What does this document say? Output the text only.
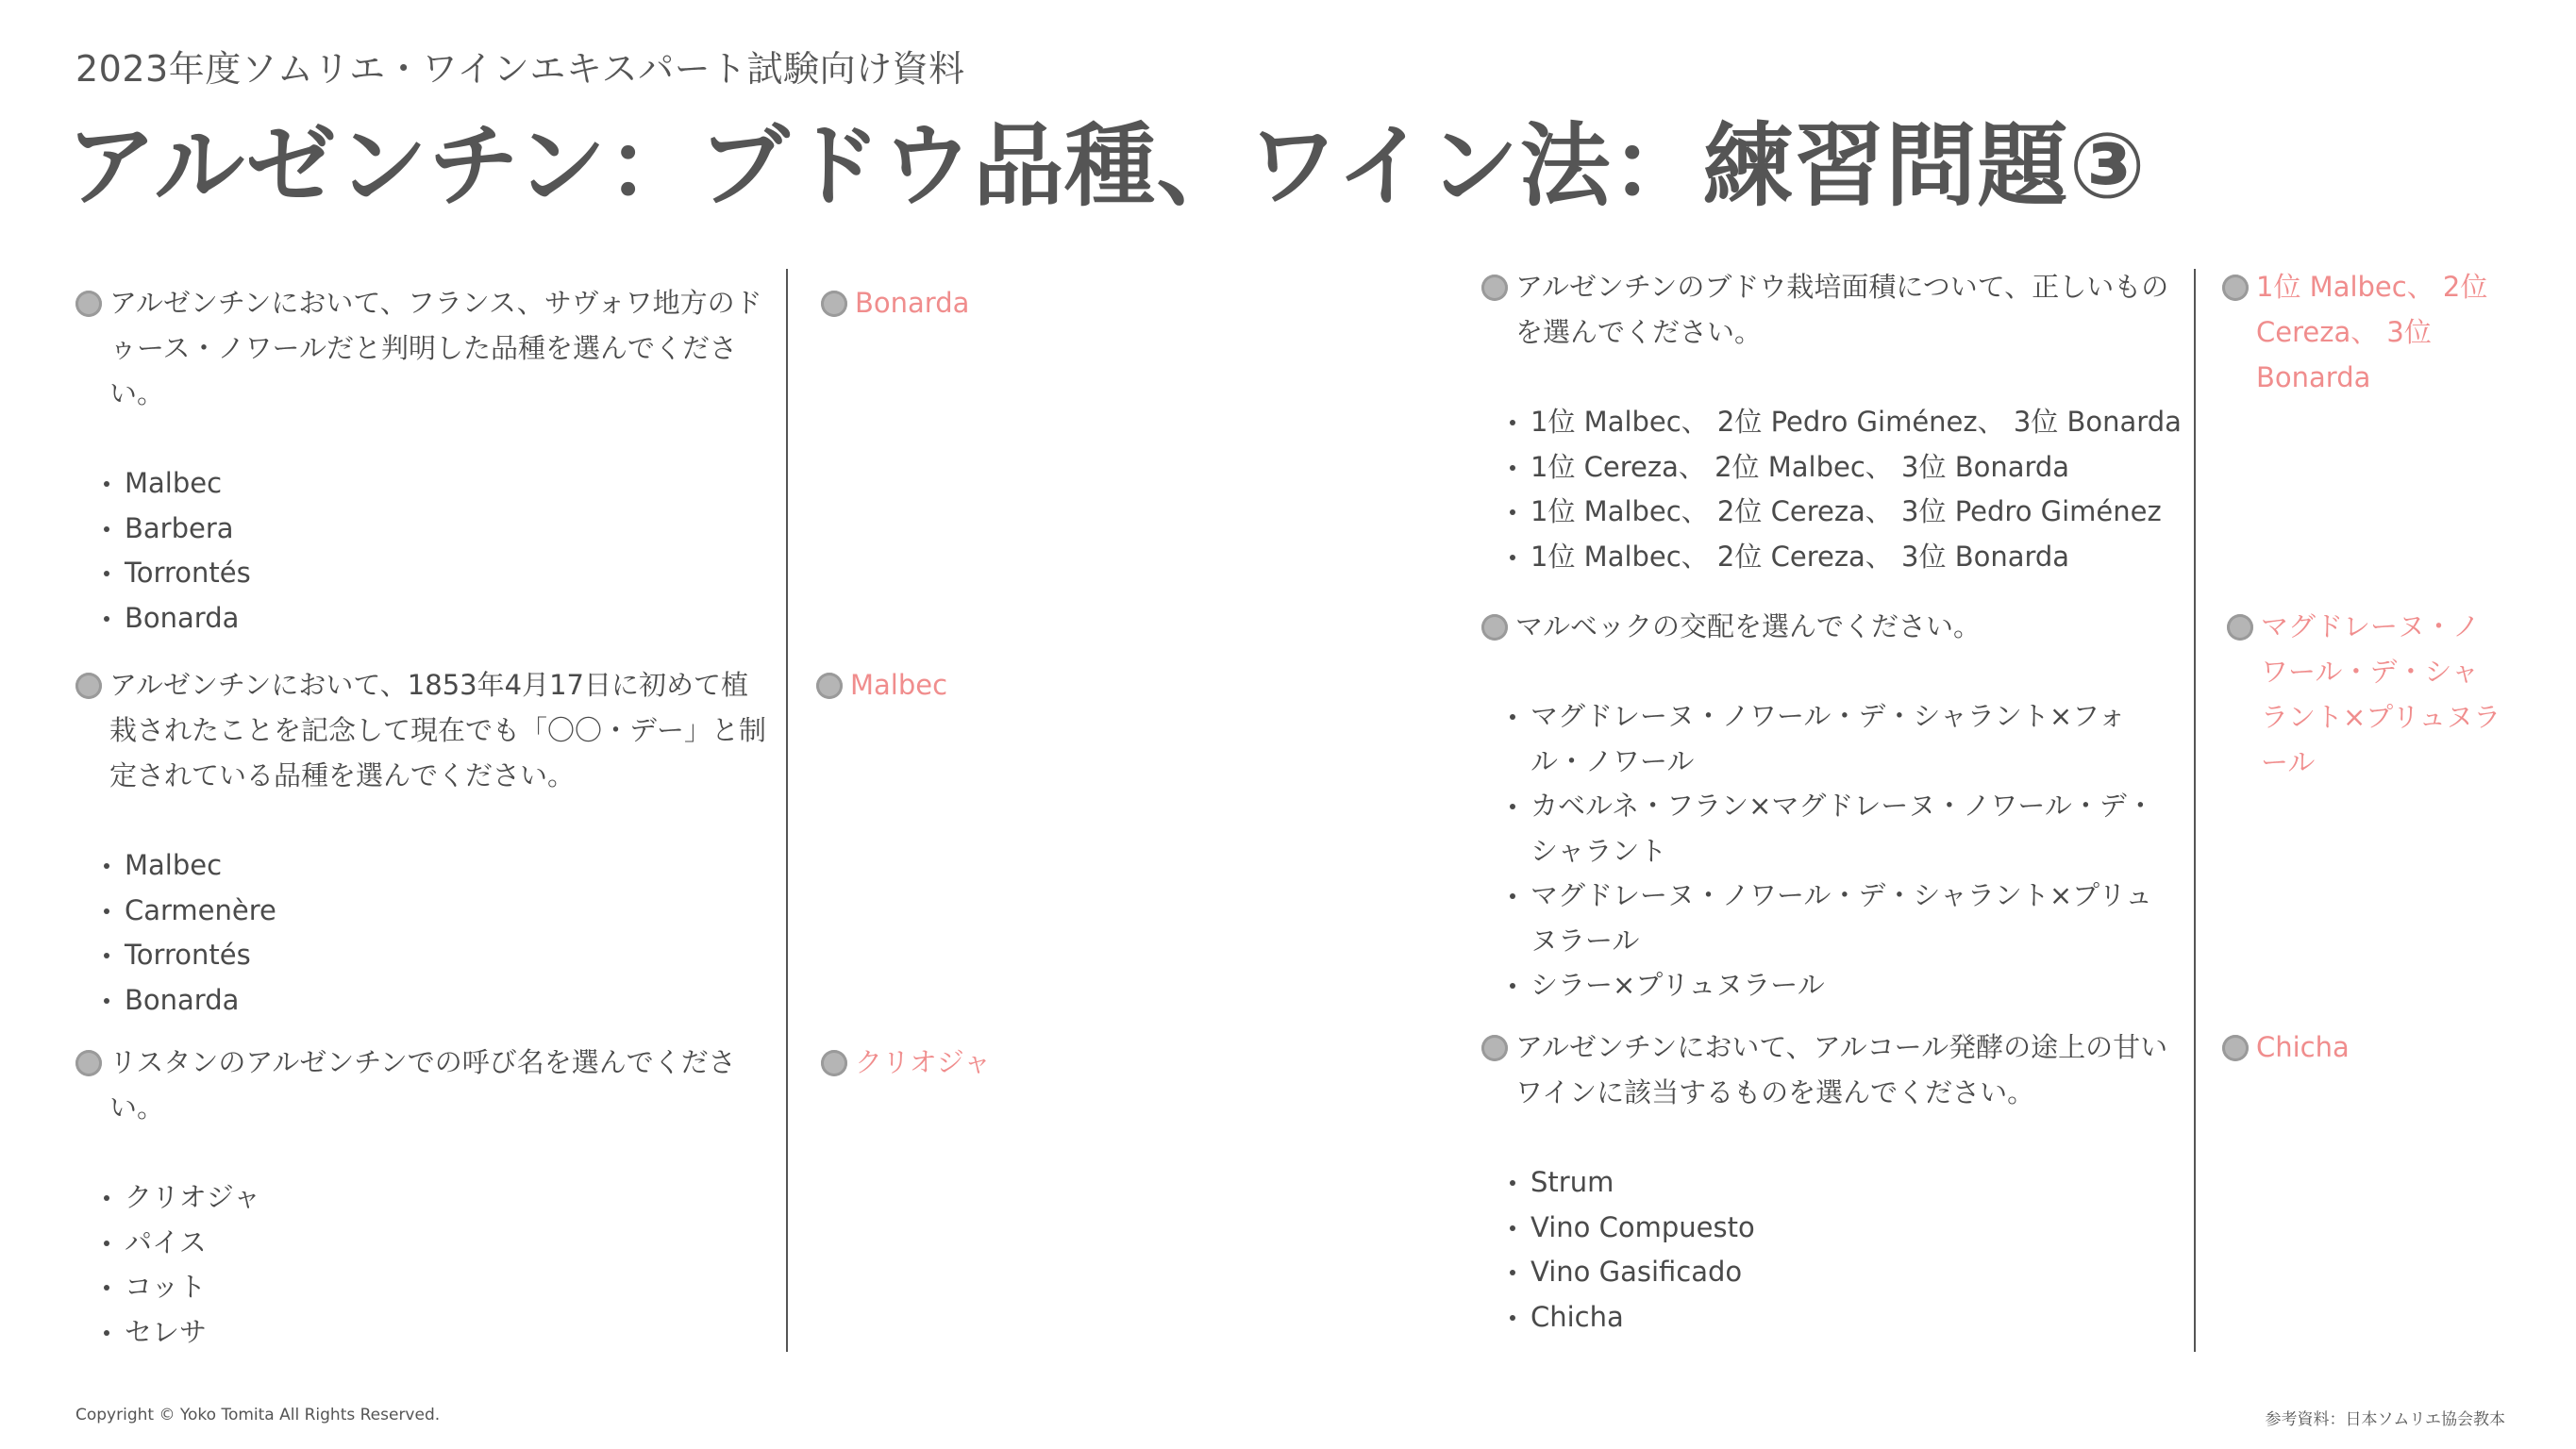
2023年度ソムリエ・ワインエキスパート試験向け資料
アルゼンチン：ブドウ品種、ワイン法：練習問題③
アルゼンチンにおいて、フランス、サヴォワ地方のドゥース・ノワールだと判明した品種を選んでください。
Malbec
Barbera
Torrontés
Bonarda
アルゼンチンにおいて、1853年4月17日に初めて植栽されたことを記念して現在でも「〇〇・デー」と制定されている品種を選んでください。
Malbec
Carmenère
Torrontés
Bonarda
リスタンのアルゼンチンでの呼び名を選んでください。
クリオジャ
パイス
コット
セレサ
Bonarda
Malbec
クリオジャ
アルゼンチンのブドウ栽培面積について、正しいものを選んでください。
1位 Malbec、 2位 Pedro Giménez、 3位 Bonarda
1位 Cereza、 2位 Malbec、 3位 Bonarda
1位 Malbec、 2位 Cereza、 3位 Pedro Giménez
1位 Malbec、 2位 Cereza、 3位 Bonarda
マルベックの交配を選んでください。
マグドレーヌ・ノワール・デ・シャラント×フォル・ノワール
カベルネ・フラン×マグドレーヌ・ノワール・デ・シャラント
マグドレーヌ・ノワール・デ・シャラント×プリュヌラール
シラー×プリュヌラール
アルゼンチンにおいて、アルコール発酵の途上の甘いワインに該当するものを選んでください。
Strum
Vino Compuesto
Vino Gasificado
Chicha
1位 Malbec、 2位 Cereza、 3位 Bonarda
マグドレーヌ・ノワール・デ・シャラント×プリュヌラール
Chicha
Copyright © Yoko Tomita All Rights Reserved.	参考資料：日本ソムリエ協会教本
